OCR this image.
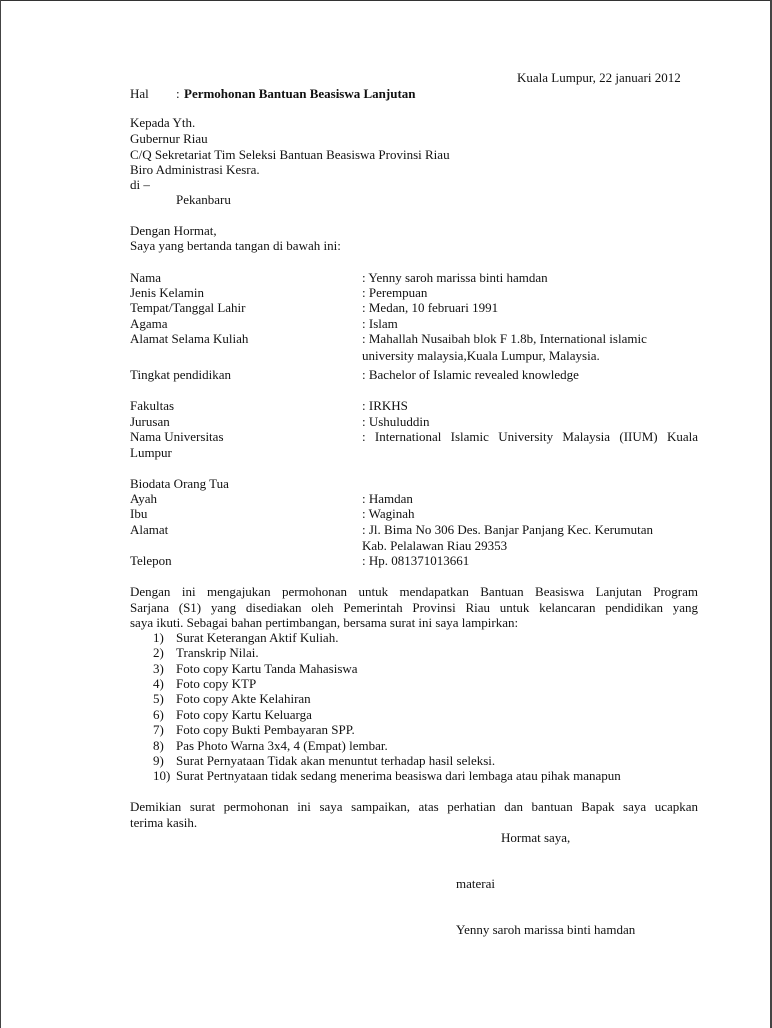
Kuala Lumpur, 22 januari 2012
Hal : Permohonan Bantuan Beasiswa Lanjutan
Kepada Yth.
Gubernur Riau
C/Q Sekretariat Tim Seleksi Bantuan Beasiswa Provinsi Riau
Biro Administrasi Kesra.
di –
Pekanbaru
Dengan Hormat,
Saya yang bertanda tangan di bawah ini:
Nama	: Yenny saroh marissa binti hamdan
Jenis Kelamin	: Perempuan
Tempat/Tanggal Lahir	: Medan, 10 februari 1991
Agama	: Islam
Alamat Selama Kuliah	: Mahallah Nusaibah blok F 1.8b, International islamic
university malaysia,Kuala Lumpur, Malaysia.
Tingkat pendidikan	: Bachelor of Islamic revealed knowledge
Fakultas	: IRKHS
Jurusan	: Ushuluddin
Nama Universitas	: International Islamic University Malaysia (IIUM) Kuala
Lumpur
Biodata Orang Tua
Ayah	: Hamdan
Ibu	: Waginah
Alamat	: Jl. Bima No 306 Des. Banjar Panjang Kec. Kerumutan
Kab. Pelalawan Riau 29353
Telepon	: Hp. 081371013661
Dengan ini mengajukan permohonan untuk mendapatkan Bantuan Beasiswa Lanjutan Program
Sarjana (S1) yang disediakan oleh Pemerintah Provinsi Riau untuk kelancaran pendidikan yang
saya ikuti. Sebagai bahan pertimbangan, bersama surat ini saya lampirkan:
1) Surat Keterangan Aktif Kuliah.
2) Transkrip Nilai.
3) Foto copy Kartu Tanda Mahasiswa
4) Foto copy KTP
5) Foto copy Akte Kelahiran
6) Foto copy Kartu Keluarga
7) Foto copy Bukti Pembayaran SPP.
8) Pas Photo Warna 3x4, 4 (Empat) lembar.
9) Surat Pernyataan Tidak akan menuntut terhadap hasil seleksi.
10) Surat Pertnyataan tidak sedang menerima beasiswa dari lembaga atau pihak manapun
Demikian surat permohonan ini saya sampaikan, atas perhatian dan bantuan Bapak saya ucapkan
terima kasih.
Hormat saya,
materai
Yenny saroh marissa binti hamdan
